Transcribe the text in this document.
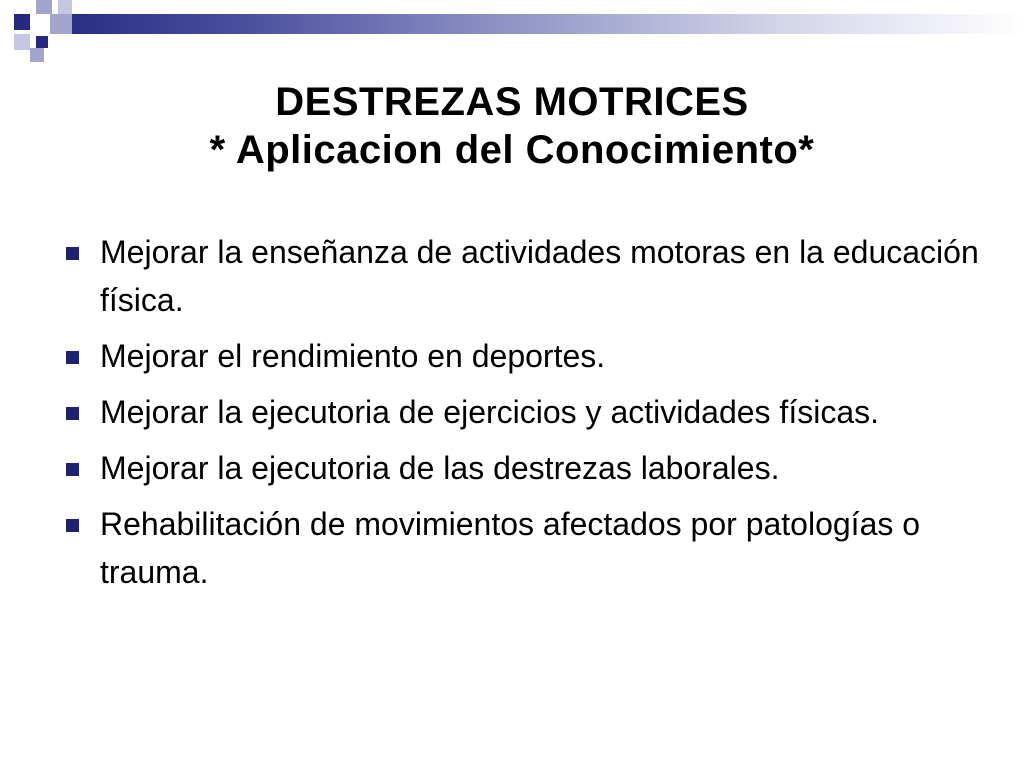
DESTREZAS MOTRICES
* Aplicacion del Conocimiento*
Mejorar la enseñanza de actividades motoras en la educación física.
Mejorar el rendimiento en deportes.
Mejorar la ejecutoria de ejercicios y actividades físicas.
Mejorar la ejecutoria de las destrezas laborales.
Rehabilitación de movimientos afectados por patologías o trauma.
